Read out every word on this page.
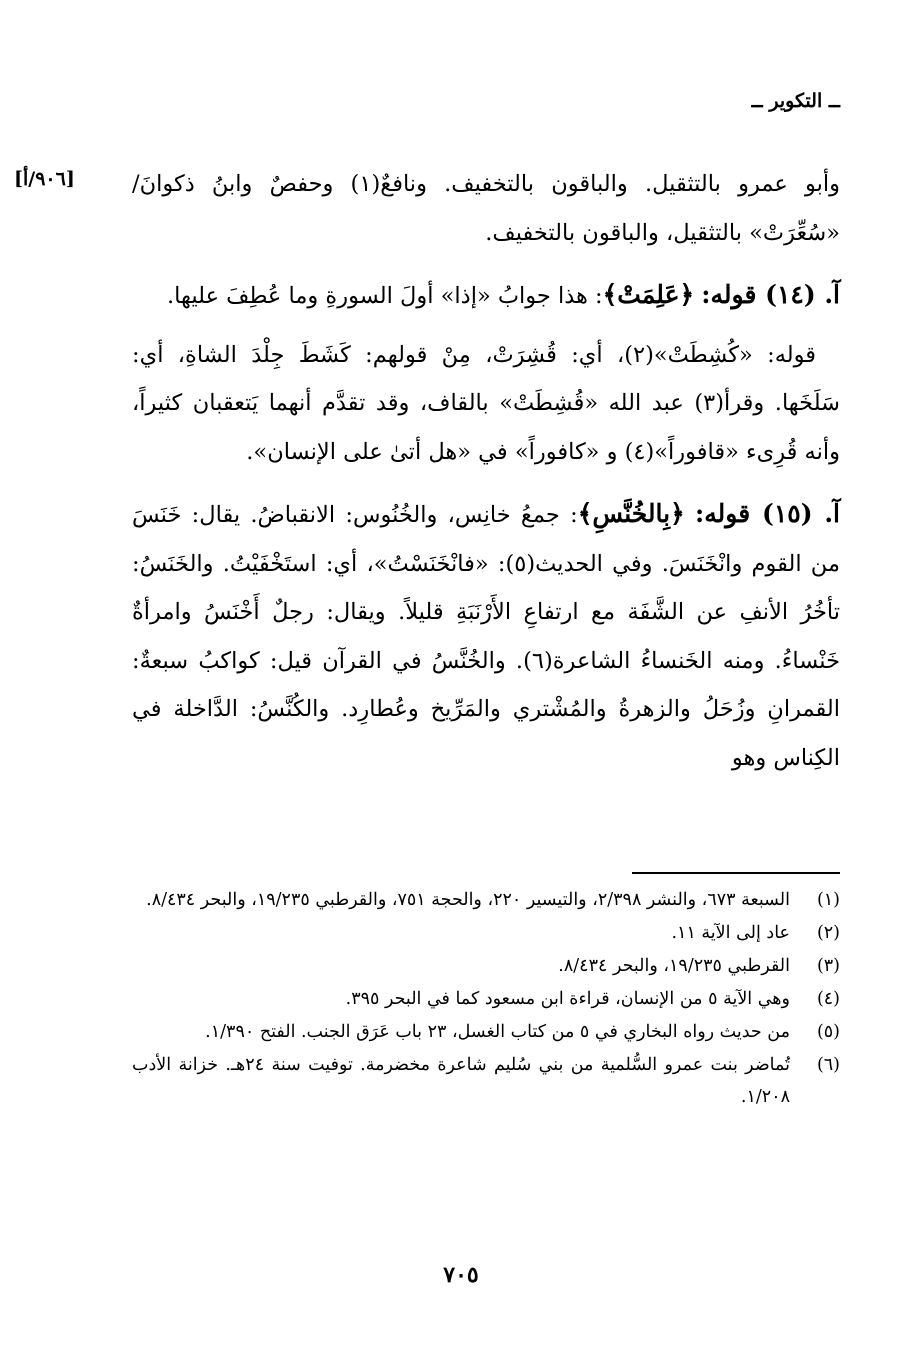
ــ التكوير ــ
[٩٠٦/أ]	وأبو عمرو بالتثقيل. والباقون بالتخفيف. ونافعٌ(١) وحفصٌ وابنُ ذكوانَ/ «سُعِّرَتْ» بالتثقيل، والباقون بالتخفيف.

آ. (١٤) قوله: ﴿عَلِمَتْ﴾: هذا جوابُ «إذا» أولَ السورةِ وما عُطِفَ عليها.

قوله: «كُشِطَتْ»(٢)، أي: قُشِرَتْ، مِنْ قولهم: كَشَطَ جِلْدَ الشاةِ، أي: سَلَخَها. وقرأ(٣) عبد الله «قُشِطَتْ» بالقاف، وقد تقدَّم أنهما يَتعقبان كثيراً، وأنه قُرِىء «قافوراً»(٤) و «كافوراً» في «هل أتىٰ على الإنسان».

آ. (١٥) قوله: ﴿بِالخُنَّسِ﴾: جمعُ خانِس، والخُنُوس: الانقباضُ. يقال: خَنَسَ من القوم وانْخَنَسَ. وفي الحديث(٥): «فانْخَنَسْتُ»، أي: استَخْفَيْتُ. والخَنَسُ: تأخُرُ الأنفِ عن الشَّفَة مع ارتفاعِ الأَرْنَبَةِ قليلاً. ويقال: رجلٌ أَخْنَسُ وامرأةٌ خَنْساءُ. ومنه الخَنساءُ الشاعرة(٦). والخُنَّسُ في القرآن قيل: كواكبُ سبعةٌ: القمرانِ وزُحَلُ والزهرةُ والمُشْتري والمَرِّيخ وعُطارِد. والكُنَّسُ: الدَّاخلة في الكِناس وهو

(١)
السبعة ٦٧٣، والنشر ٢/٣٩٨، والتيسير ٢٢٠، والحجة ٧٥١، والقرطبي ١٩/٢٣٥، والبحر ٨/٤٣٤.
(٢)
عاد إلى الآية ١١.
(٣)
القرطبي ١٩/٢٣٥، والبحر ٨/٤٣٤.
(٤)
وهي الآية ٥ من الإنسان، قراءة ابن مسعود كما في البحر ٣٩٥.
(٥)
من حديث رواه البخاري في ٥ من كتاب الغسل، ٢٣ باب عَرَق الجنب. الفتح ١/٣٩٠.
(٦)
تُماضر بنت عمرو السُّلمية من بني سُليم شاعرة مخضرمة. توفيت سنة ٢٤هـ. خزانة الأدب ١/٢٠٨.
٧٠٥
